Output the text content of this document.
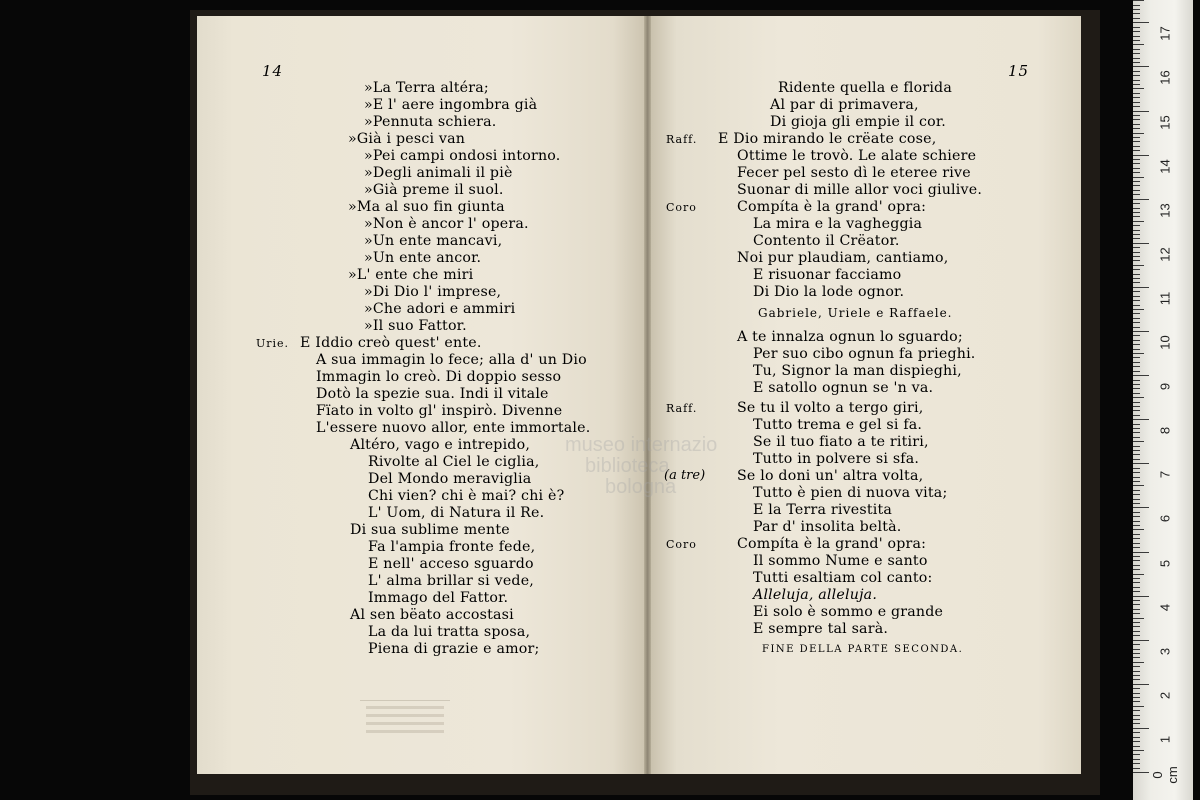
14
»La Terra altéra;
»E l' aere ingombra già
»Pennuta schiera.
»Già i pesci van
»Pei campi ondosi intorno.
»Degli animali il piè
»Già preme il suol.
»Ma al suo fin giunta
»Non è ancor l' opera.
»Un ente mancavi,
»Un ente ancor.
»L' ente che miri
»Di Dio l' imprese,
»Che adori e ammiri
»Il suo Fattor.
Urie. E Iddio creò quest' ente.
A sua immagin lo fece; alla d' un Dio
Immagin lo creò. Di doppio sesso
Dotò la spezie sua. Indi il vitale
Fïato in volto gl' inspirò. Divenne
L'essere nuovo allor, ente immortale.
Altéro, vago e intrepido,
Rivolte al Ciel le ciglia,
Del Mondo meraviglia
Chi vien? chi è mai? chi è?
L' Uom, di Natura il Re.
Di sua sublime mente
Fa l'ampia fronte fede,
E nell' acceso sguardo
L' alma brillar si vede,
Immago del Fattor.
Al sen bëato accostasi
La da lui tratta sposa,
Piena di grazie e amor;
15
Ridente quella e florida
Al par di primavera,
Di gioja gli empie il cor.
Raff. E Dio mirando le crëate cose,
Ottime le trovò. Le alate schiere
Fecer pel sesto dì le eteree rive
Suonar di mille allor voci giulive.
Coro	Compíta è la grand' opra:
La mira e la vagheggia
Contento il Crëator.
Noi pur plaudiam, cantiamo,
E risuonar facciamo
Di Dio la lode ognor.
Gabriele, Uriele e Raffaele.
A te innalza ognun lo sguardo;
Per suo cibo ognun fa prieghi.
Tu, Signor la man dispieghi,
E satollo ognun se 'n va.
Raff.	Se tu il volto a tergo giri,
Tutto trema e gel si fa.
Se il tuo fiato a te ritiri,
Tutto in polvere si sfa.
(a tre) Se lo doni un' altra volta,
Tutto è pien di nuova vita;
E la Terra rivestita
Par d' insolita beltà.
Coro	Compíta è la grand' opra:
Il sommo Nume e santo
Tutti esaltiam col canto:
Alleluja, alleluja.
Ei solo è sommo e grande
E sempre tal sarà.
FINE DELLA PARTE SECONDA.
museo internazio
biblioteca
bologna
17
16
15
14
13
12
11
10
9
8
7
6
5
4
3
2
1
0 cm
